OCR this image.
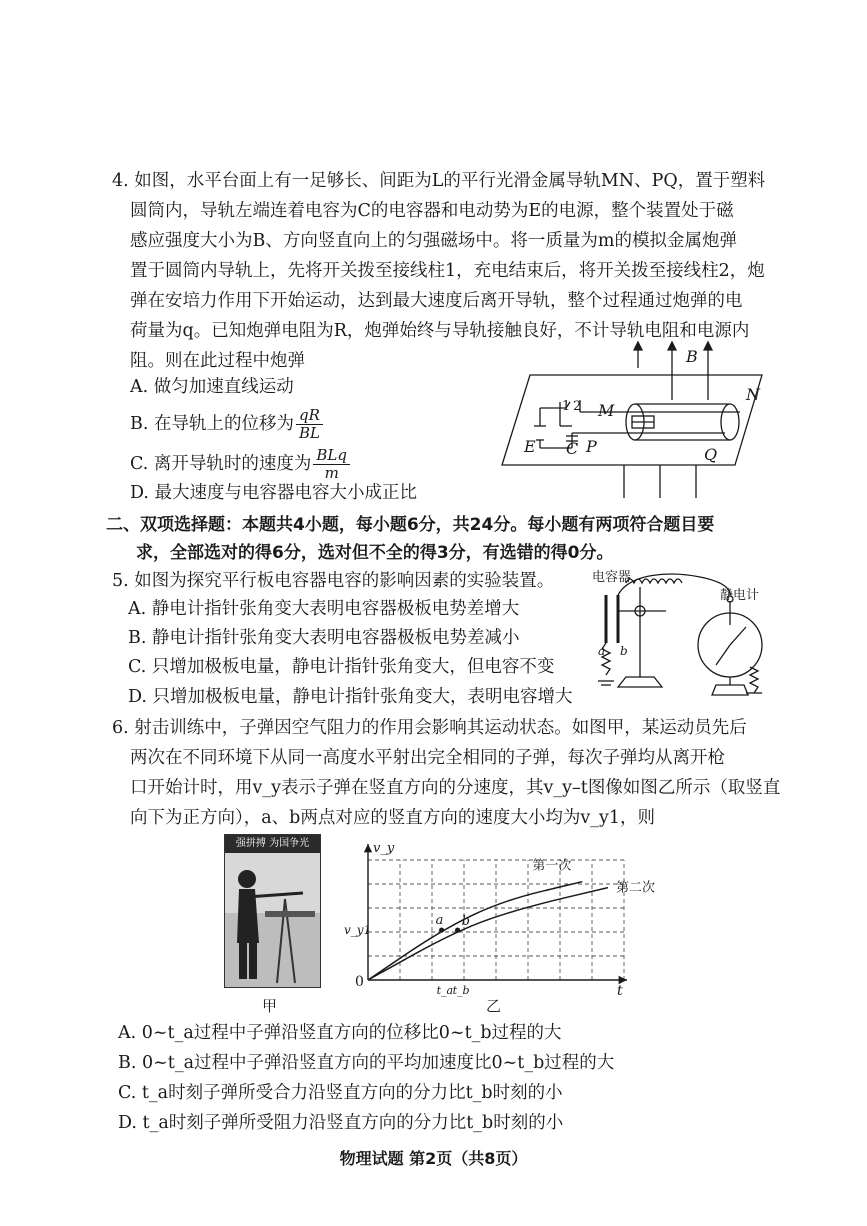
4. 如图，水平台面上有一足够长、间距为L的平行光滑金属导轨MN、PQ，置于塑料
圆筒内，导轨左端连着电容为C的电容器和电动势为E的电源，整个装置处于磁
感应强度大小为B、方向竖直向上的匀强磁场中。将一质量为m的模拟金属炮弹
置于圆筒内导轨上，先将开关拨至接线柱1，充电结束后，将开关拨至接线柱2，炮
弹在安培力作用下开始运动，达到最大速度后离开导轨，整个过程通过炮弹的电
荷量为q。已知炮弹电阻为R，炮弹始终与导轨接触良好，不计导轨电阻和电源内
阻。则在此过程中炮弹
A. 做匀加速直线运动
B. 在导轨上的位移为 $\frac{qR}{BL}$
C. 离开导轨时的速度为 $\frac{\text{BLq}}{m}$
D. 最大速度与电容器电容大小成正比
B
N
M
Q
P
E C
1 2
二、双项选择题：本题共4小题，每小题6分，共24分。每小题有两项符合题目要
求，全部选对的得6分，选对但不全的得3分，有选错的得0分。
5. 如图为探究平行板电容器电容的影响因素的实验装置。
A. 静电计指针张角变大表明电容器极板电势差增大
B. 静电计指针张角变大表明电容器极板电势差减小
C. 只增加极板电量，静电计指针张角变大，但电容不变
D. 只增加极板电量，静电计指针张角变大，表明电容增大
电容器
静电计
a b
6. 射击训练中，子弹因空气阻力的作用会影响其运动状态。如图甲，某运动员先后
两次在不同环境下从同一高度水平射出完全相同的子弹，每次子弹均从离开枪
口开始计时，用v_y表示子弹在竖直方向的分速度，其v_y–t图像如图乙所示（取竖直
向下为正方向），a、b两点对应的竖直方向的速度大小均为v_y1，则
强拼搏 为国争光
甲
0
t
v_y
v_y1
t_a t_b
第一次
第二次
a b
乙
A. 0~t_a过程中子弹沿竖直方向的位移比0~t_b过程的大
B. 0~t_a过程中子弹沿竖直方向的平均加速度比0~t_b过程的大
C. t_a时刻子弹所受合力沿竖直方向的分力比t_b时刻的小
D. t_a时刻子弹所受阻力沿竖直方向的分力比t_b时刻的小
物理试题 第2页（共8页）
